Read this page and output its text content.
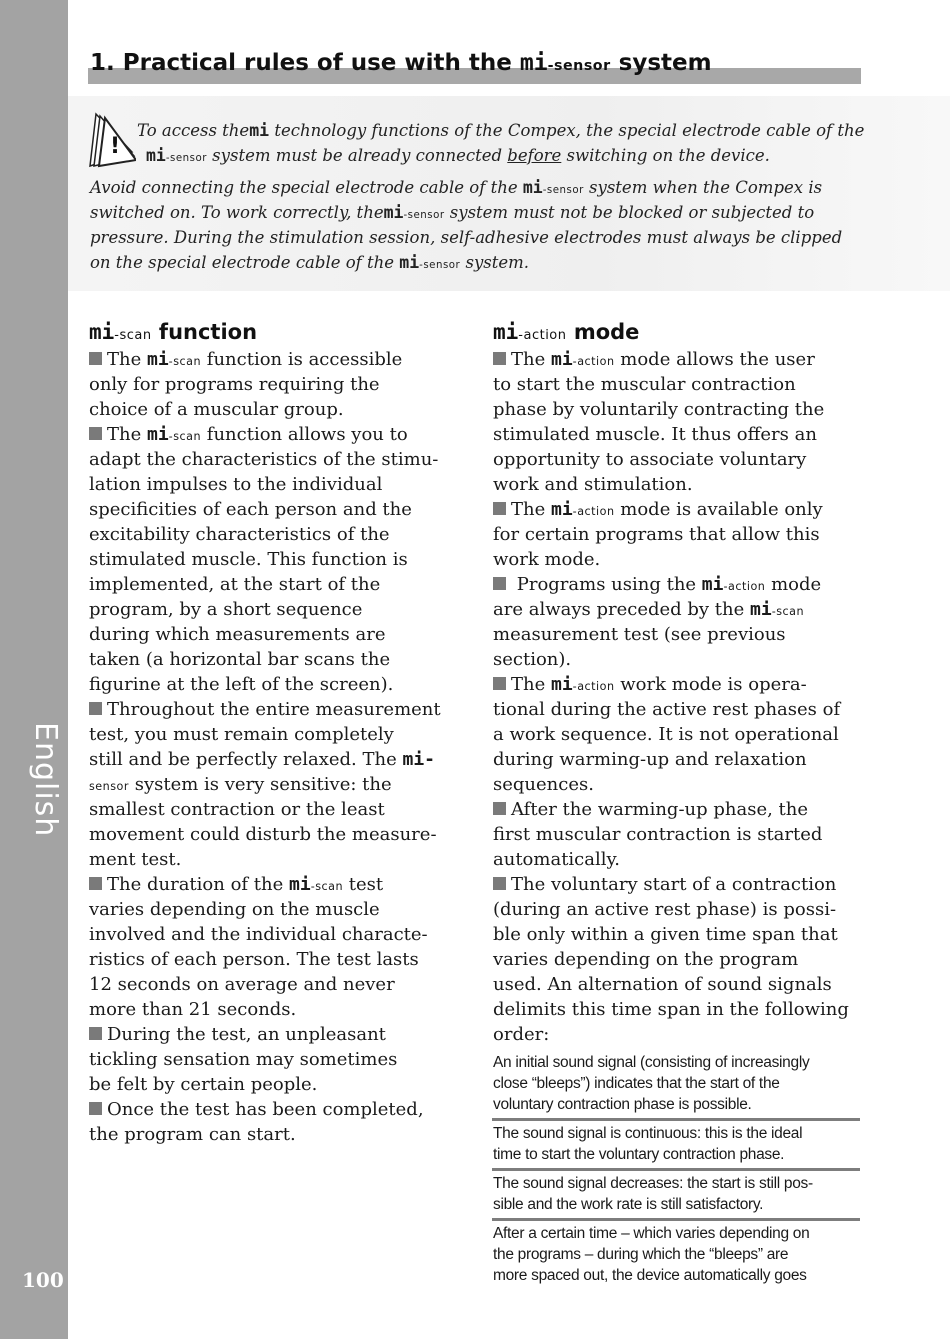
English
100
1. Practical rules of use with the mi-sensor system
!
To access themi technology functions of the Compex, the special electrode cable of the
mi-sensor system must be already connected before switching on the device.
Avoid connecting the special electrode cable of the mi-sensor system when the Compex is
switched on. To work correctly, themi-sensor system must not be blocked or subjected to
pressure. During the stimulation session, self-adhesive electrodes must always be clipped
on the special electrode cable of the mi-sensor system.
mi-scan function
The mi-scan function is accessible
only for programs requiring the
choice of a muscular group.
The mi-scan function allows you to
adapt the characteristics of the stimu-
lation impulses to the individual
specificities of each person and the
excitability characteristics of the
stimulated muscle. This function is
implemented, at the start of the
program, by a short sequence
during which measurements are
taken (a horizontal bar scans the
figurine at the left of the screen).
Throughout the entire measurement
test, you must remain completely
still and be perfectly relaxed. The mi-
sensor system is very sensitive: the
smallest contraction or the least
movement could disturb the measure-
ment test.
The duration of the mi-scan test
varies depending on the muscle
involved and the individual characte-
ristics of each person. The test lasts
12 seconds on average and never
more than 21 seconds.
During the test, an unpleasant
tickling sensation may sometimes
be felt by certain people.
Once the test has been completed,
the program can start.
mi-action mode
The mi-action mode allows the user
to start the muscular contraction
phase by voluntarily contracting the
stimulated muscle. It thus offers an
opportunity to associate voluntary
work and stimulation.
The mi-action mode is available only
for certain programs that allow this
work mode.
Programs using the mi-action mode
are always preceded by the mi-scan
measurement test (see previous
section).
The mi-action work mode is opera-
tional during the active rest phases of
a work sequence. It is not operational
during warming-up and relaxation
sequences.
After the warming-up phase, the
first muscular contraction is started
automatically.
The voluntary start of a contraction
(during an active rest phase) is possi-
ble only within a given time span that
varies depending on the program
used. An alternation of sound signals
delimits this time span in the following
order:
An initial sound signal (consisting of increasingly
close “bleeps”) indicates that the start of the
voluntary contraction phase is possible.
The sound signal is continuous: this is the ideal
time to start the voluntary contraction phase.
The sound signal decreases: the start is still pos-
sible and the work rate is still satisfactory.
After a certain time – which varies depending on
the programs – during which the “bleeps” are
more spaced out, the device automatically goes
